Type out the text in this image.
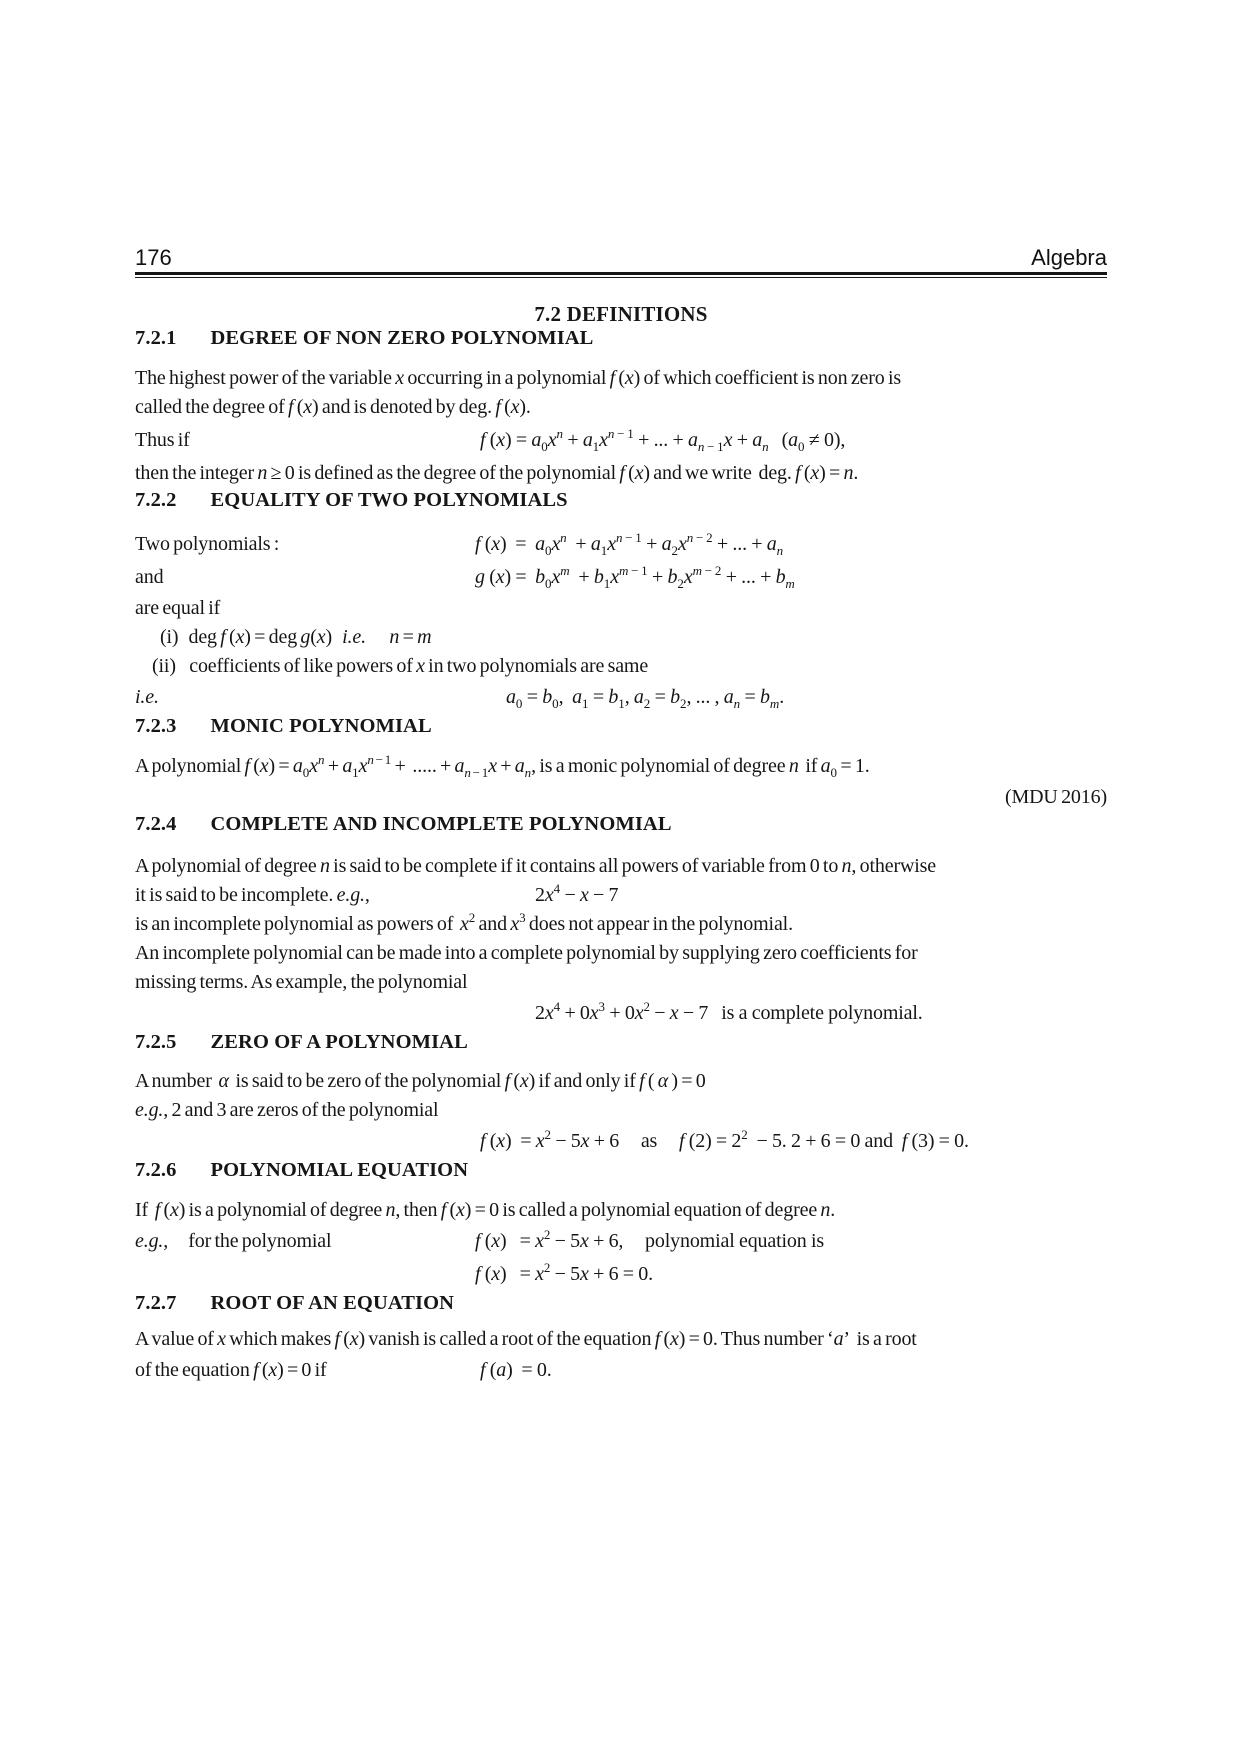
176	Algebra
7.2 DEFINITIONS
7.2.1 DEGREE OF NON ZERO POLYNOMIAL
The highest power of the variable x occurring in a polynomial f (x) of which coefficient is non zero is
called the degree of f (x) and is denoted by deg. f (x).
Thus if	f $(x) = a_0x^n + a_1x^{n - 1}$ + ... + $a_{n - 1}x + a_n$   $(a_0 \ne 0)$,
then the integer n ≥ 0 is defined as the degree of the polynomial f (x) and we write  deg. f (x) = n.
7.2.2 EQUALITY OF TWO POLYNOMIALS
Two polynomials :	f $(x) = a_0x^n + a_1x^{n - 1} + a_2x^{n - 2}$ + ... + $a_n$
and	g $(x) = b_0x^m + b_1x^{m - 1} + b_2x^{m - 2}$ + ... + $b_m$
are equal if
(i)   deg f (x) = deg g(x)   i.e. n = m
(ii)    coefficients of like powers of x in two polynomials are same
i.e.	$a_0 = b_0$,  $a_1 = b_1$, $a_2 = b_2$, ... , $a_n = b_m$.
7.2.3 MONIC POLYNOMIAL
A polynomial f $(x) = a_0x^n + a_1x^{n - 1}$ +  ..... + $a_{n - 1}x + a_n$, is a monic polynomial of degree n  if $a_0 = 1$.
(MDU 2016)
7.2.4 COMPLETE AND INCOMPLETE POLYNOMIAL
A polynomial of degree n is said to be complete if it contains all powers of variable from 0 to n, otherwise
it is said to be incomplete. e.g.,	$2x^4 - x - 7$
is an incomplete polynomial as powers of  $x^2$ and $x^3$ does not appear in the polynomial.
An incomplete polynomial can be made into a complete polynomial by supplying zero coefficients for
missing terms. As example, the polynomial
$2x^4 + 0x^3 + 0x^2 - x - 7$   is a complete polynomial.
7.2.5 ZERO OF A POLYNOMIAL
A number  α  is said to be zero of the polynomial f (x) if and only if f ( α ) = 0
e.g., 2 and 3 are zeros of the polynomial
f $(x) = x^2 - 5x + 6$     as     f $(2) = 2^2 - 5$. 2 + 6 = 0 and  f (3) = 0.
7.2.6 POLYNOMIAL EQUATION
If  f (x) is a polynomial of degree n, then f (x) = 0 is called a polynomial equation of degree n.
e.g.,      for the polynomial	f $(x) = x^2 - 5x + 6$,     polynomial equation is
f $(x) = x^2 - 5x + 6 = 0$.
7.2.7 ROOT OF AN EQUATION
A value of x which makes f (x) vanish is called a root of the equation f (x) = 0. Thus number ‘a’  is a root
of the equation f (x) = 0 if	f (a)  = 0.
